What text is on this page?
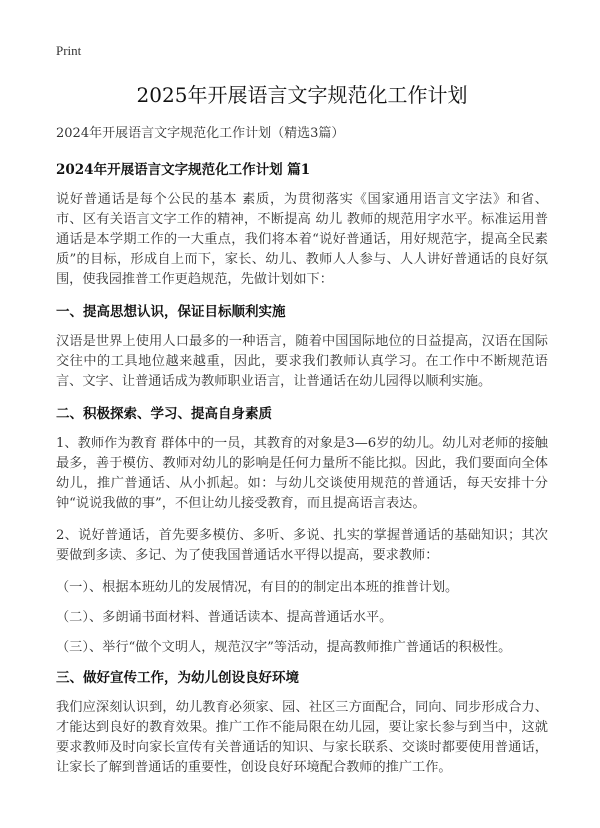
Print
2025年开展语言文字规范化工作计划

2024年开展语言文字规范化工作计划（精选3篇）

2024年开展语言文字规范化工作计划 篇1

说好普通话是每个公民的基本 素质，为贯彻落实《国家通用语言文字法》和省、市、区有关语言文字工作的精神，不断提高 幼儿 教师的规范用字水平。标准运用普通话是本学期工作的一大重点，我们将本着“说好普通话，用好规范字，提高全民素质”的目标，形成自上而下，家长、幼儿、教师人人参与、人人讲好普通话的良好氛围，使我园推普工作更趋规范，先做计划如下：

一、提高思想认识，保证目标顺利实施

汉语是世界上使用人口最多的一种语言，随着中国国际地位的日益提高，汉语在国际交往中的工具地位越来越重，因此，要求我们教师认真学习。在工作中不断规范语言、文字、让普通话成为教师职业语言，让普通话在幼儿园得以顺利实施。

二、积极探索、学习、提高自身素质

1、教师作为教育 群体中的一员，其教育的对象是3—6岁的幼儿。幼儿对老师的接触最多，善于模仿、教师对幼儿的影响是任何力量所不能比拟。因此，我们要面向全体幼儿，推广普通话、从小抓起。如：与幼儿交谈使用规范的普通话，每天安排十分钟“说说我做的事”，不但让幼儿接受教育，而且提高语言表达。

2、说好普通话，首先要多模仿、多听、多说、扎实的掌握普通话的基础知识；其次要做到多读、多记、为了使我国普通话水平得以提高，要求教师：

（一）、根据本班幼儿的发展情况，有目的的制定出本班的推普计划。

（二）、多朗诵书面材料、普通话读本、提高普通话水平。

（三）、举行“做个文明人，规范汉字”等活动，提高教师推广普通话的积极性。

三、做好宣传工作，为幼儿创设良好环境

我们应深刻认识到，幼儿教育必须家、园、社区三方面配合，同向、同步形成合力、才能达到良好的教育效果。推广工作不能局限在幼儿园，要让家长参与到当中，这就要求教师及时向家长宣传有关普通话的知识、与家长联系、交谈时都要使用普通话，让家长了解到普通话的重要性，创设良好环境配合教师的推广工作。
